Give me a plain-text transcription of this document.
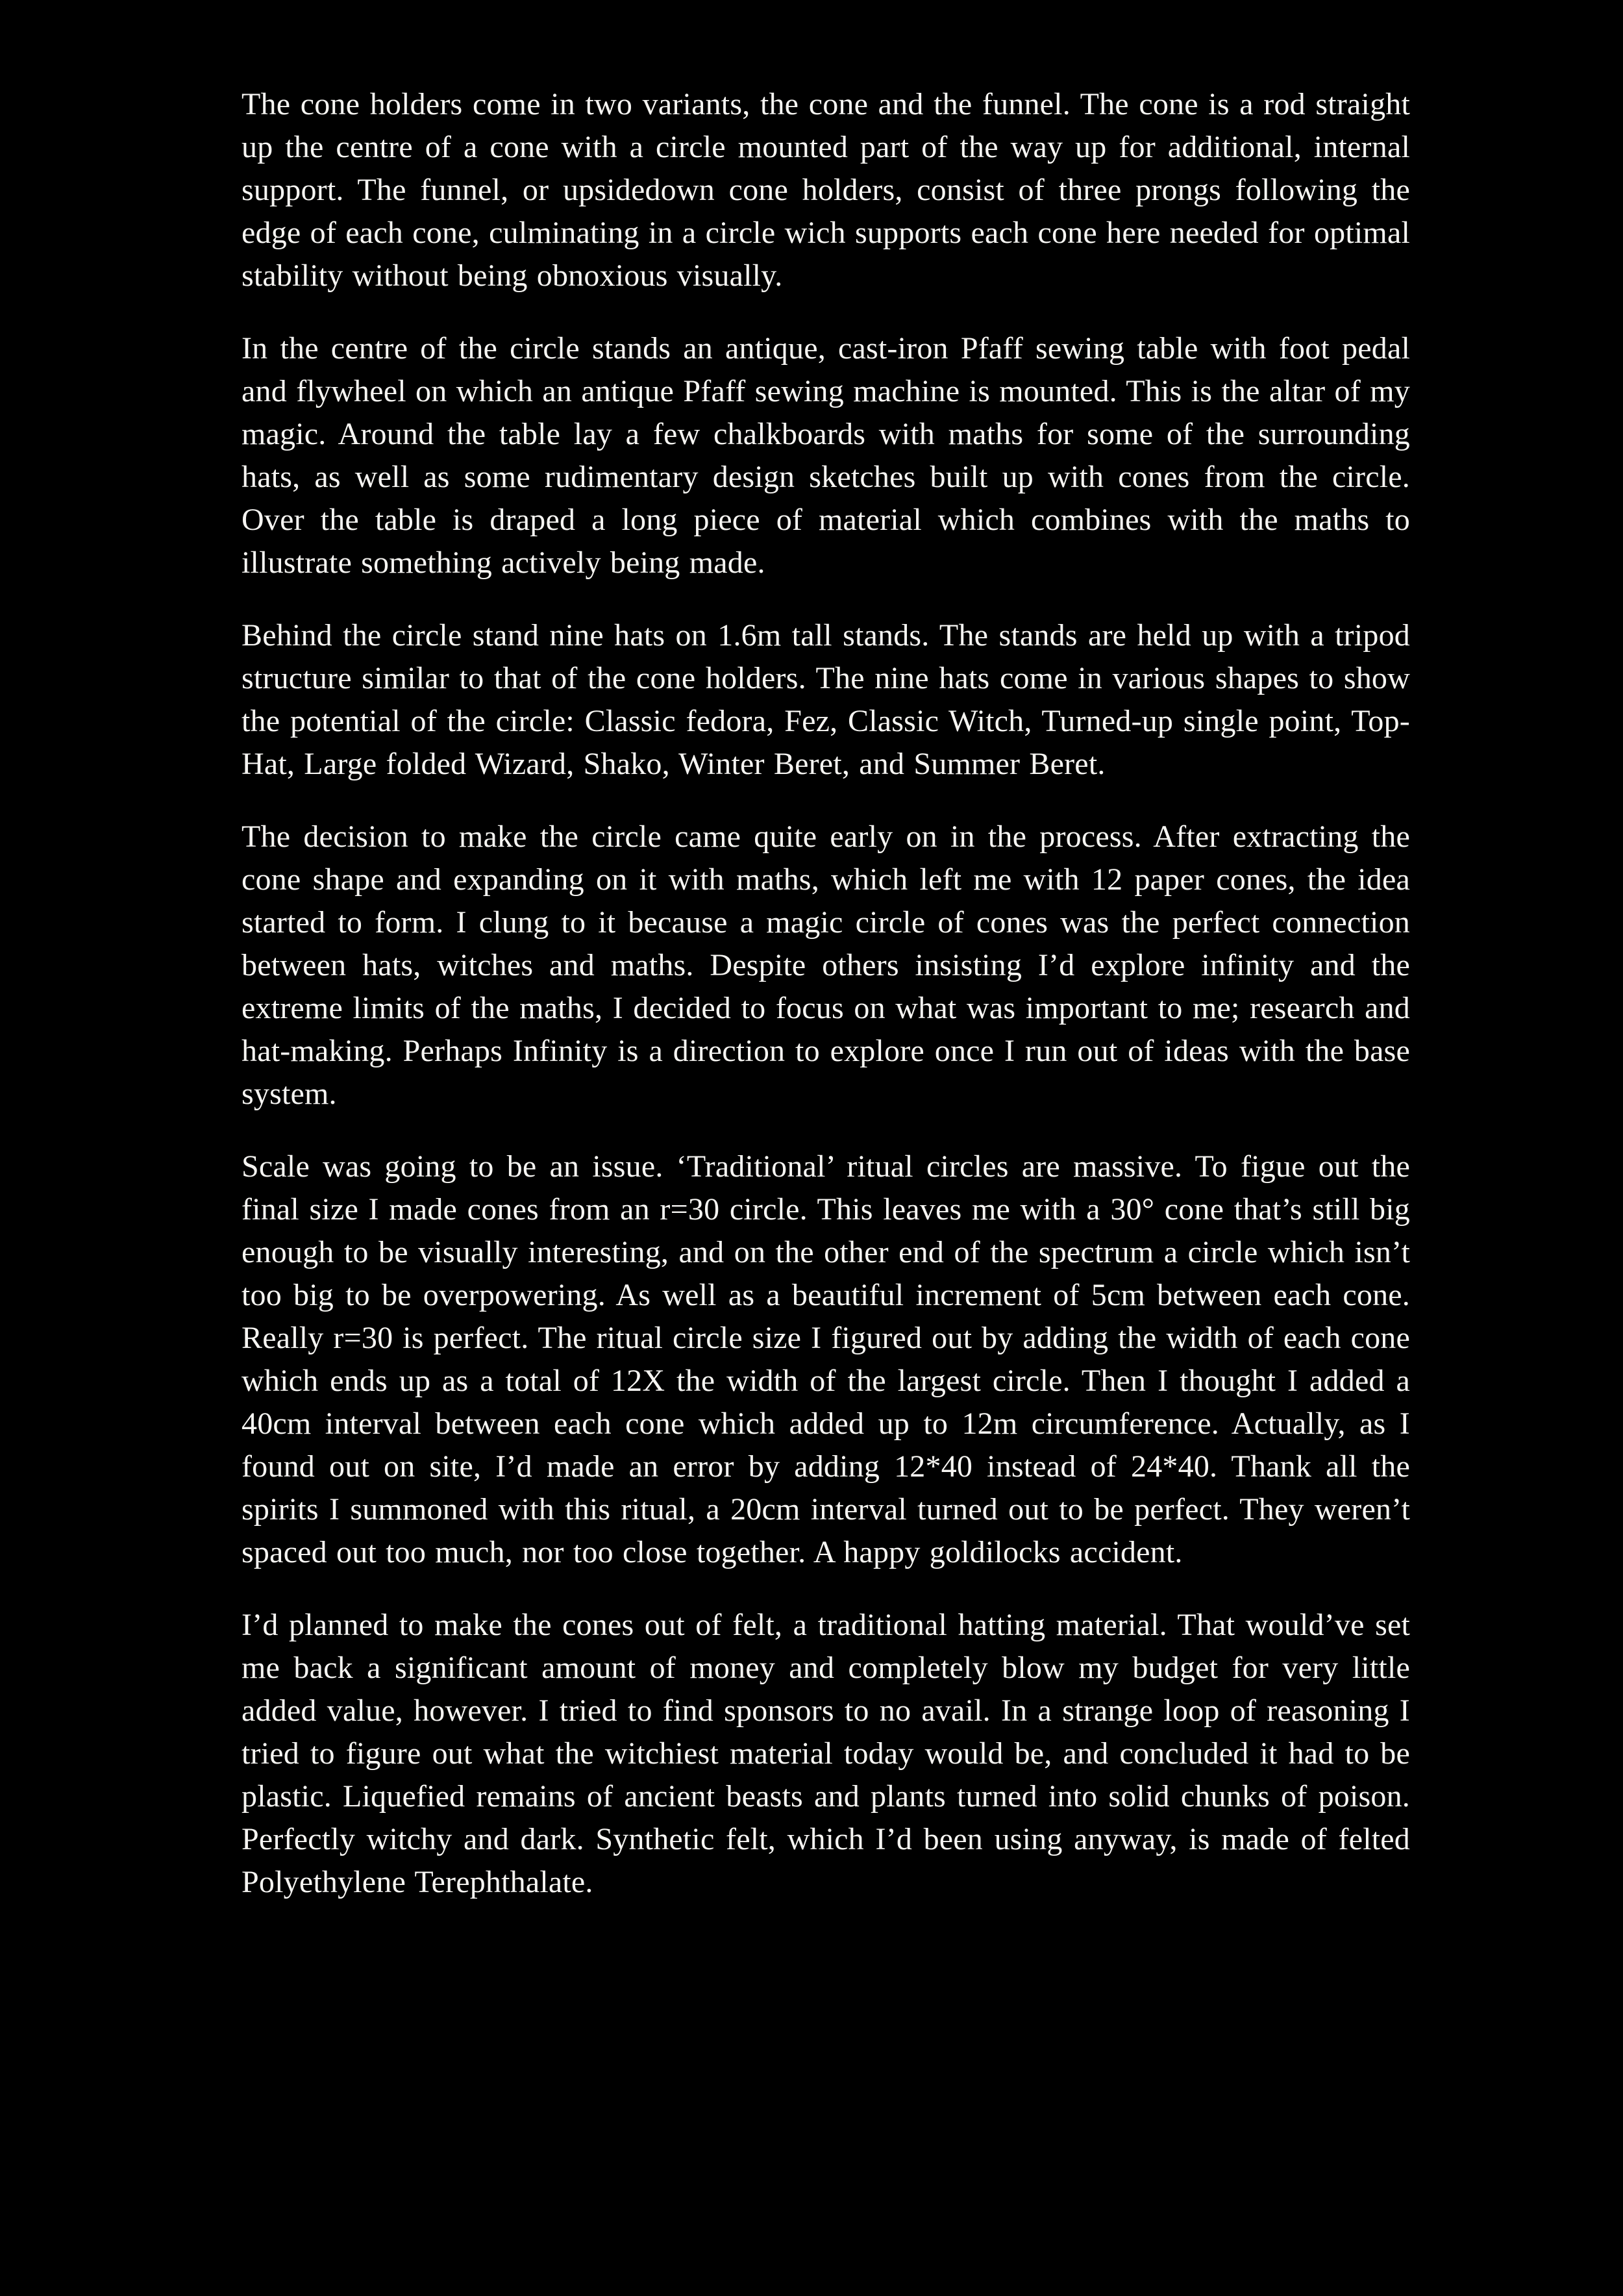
The cone holders come in two variants, the cone and the funnel. The cone is a rod straight up the centre of a cone with a circle mounted part of the way up for additional, internal support. The funnel, or upsidedown cone holders, consist of three prongs following the edge of each cone, culminating in a circle wich supports each cone here needed for optimal stability without being obnoxious visually.

In the centre of the circle stands an antique, cast-iron Pfaff sewing table with foot pedal and flywheel on which an antique Pfaff sewing machine is mounted. This is the altar of my magic. Around the table lay a few chalkboards with maths for some of the surrounding hats, as well as some rudimentary design sketches built up with cones from the circle. Over the table is draped a long piece of material which combines with the maths to illustrate something actively being made.

Behind the circle stand nine hats on 1.6m tall stands. The stands are held up with a tripod structure similar to that of the cone holders. The nine hats come in various shapes to show the potential of the circle: Classic fedora, Fez, Classic Witch, Turned-up single point, Top-Hat, Large folded Wizard, Shako, Winter Beret, and Summer Beret.

The decision to make the circle came quite early on in the process. After extracting the cone shape and expanding on it with maths, which left me with 12 paper cones, the idea started to form. I clung to it because a magic circle of cones was the perfect connection between hats, witches and maths. Despite others insisting I’d explore infinity and the extreme limits of the maths, I decided to focus on what was important to me; research and hat-making. Perhaps Infinity is a direction to explore once I run out of ideas with the base system.

Scale was going to be an issue. ‘Traditional’ ritual circles are massive. To figue out the final size I made cones from an r=30 circle. This leaves me with a 30° cone that’s still big enough to be visually interesting, and on the other end of the spectrum a circle which isn’t too big to be overpowering. As well as a beautiful increment of 5cm between each cone. Really r=30 is perfect. The ritual circle size I figured out by adding the width of each cone which ends up as a total of 12X the width of the largest circle. Then I thought I added a 40cm interval between each cone which added up to 12m circumference. Actually, as I found out on site, I’d made an error by adding 12*40 instead of 24*40. Thank all the spirits I summoned with this ritual, a 20cm interval turned out to be perfect. They weren’t spaced out too much, nor too close together. A happy goldilocks accident.

I’d planned to make the cones out of felt, a traditional hatting material. That would’ve set me back a significant amount of money and completely blow my budget for very little added value, however. I tried to find sponsors to no avail. In a strange loop of reasoning I tried to figure out what the witchiest material today would be, and concluded it had to be plastic. Liquefied remains of ancient beasts and plants turned into solid chunks of poison. Perfectly witchy and dark. Synthetic felt, which I’d been using anyway, is made of felted Polyethylene Terephthalate.
